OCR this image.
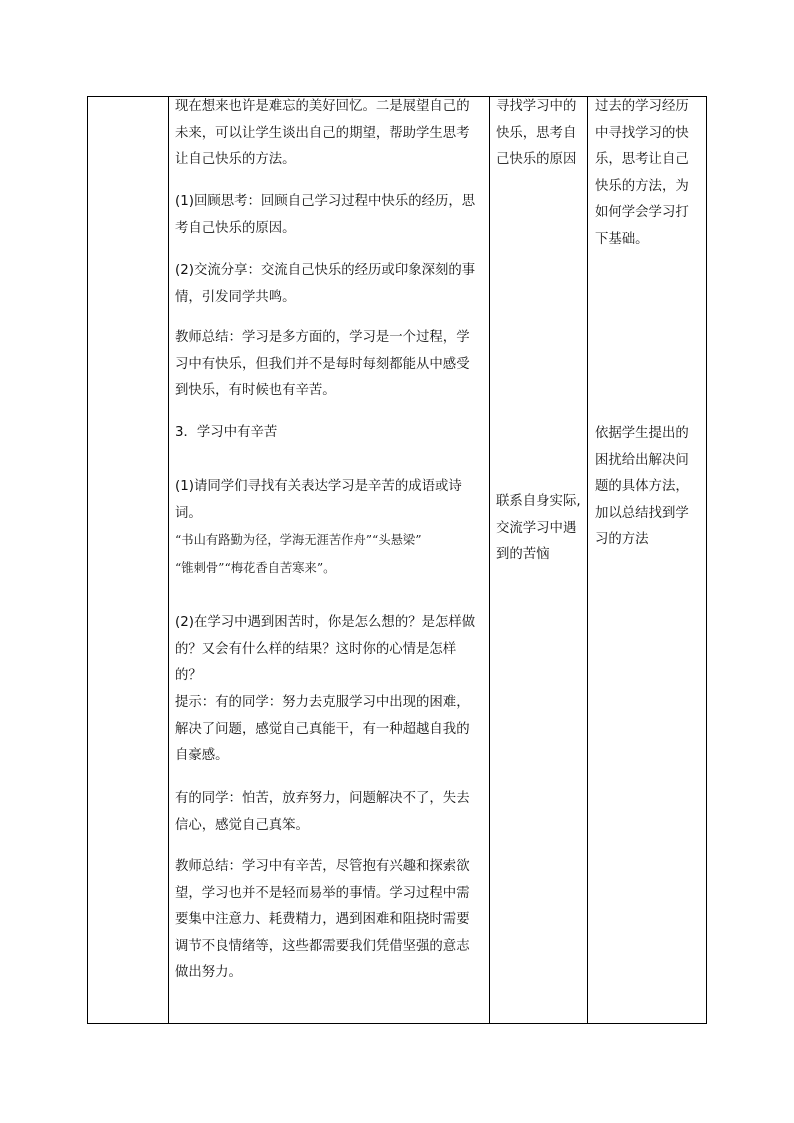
现在想来也许是难忘的美好回忆。二是展望自己的
未来，可以让学生谈出自己的期望，帮助学生思考
让自己快乐的方法。

(1)回顾思考：回顾自己学习过程中快乐的经历，思
考自己快乐的原因。

(2)交流分享：交流自己快乐的经历或印象深刻的事
情，引发同学共鸣。

教师总结：学习是多方面的，学习是一个过程，学
习中有快乐，但我们并不是每时每刻都能从中感受
到快乐，有时候也有辛苦。

3．学习中有辛苦

(1)请同学们寻找有关表达学习是辛苦的成语或诗
词。

“书山有路勤为径，学海无涯苦作舟”“头悬梁”
“锥刺骨”“梅花香自苦寒来”。

(2)在学习中遇到困苦时，你是怎么想的？是怎样做
的？又会有什么样的结果？这时你的心情是怎样
的？

提示：有的同学：努力去克服学习中出现的困难，
解决了问题，感觉自己真能干，有一种超越自我的
自豪感。

有的同学：怕苦，放弃努力，问题解决不了，失去
信心，感觉自己真笨。

教师总结：学习中有辛苦，尽管抱有兴趣和探索欲
望，学习也并不是轻而易举的事情。学习过程中需
要集中注意力、耗费精力，遇到困难和阻挠时需要
调节不良情绪等，这些都需要我们凭借坚强的意志
做出努力。

寻找学习中的
快乐，思考自
己快乐的原因

联系自身实际,
交流学习中遇
到的苦恼

过去的学习经历
中寻找学习的快
乐，思考让自己
快乐的方法，为
如何学会学习打
下基础。

依据学生提出的
困扰给出解决问
题的具体方法，
加以总结找到学
习的方法
